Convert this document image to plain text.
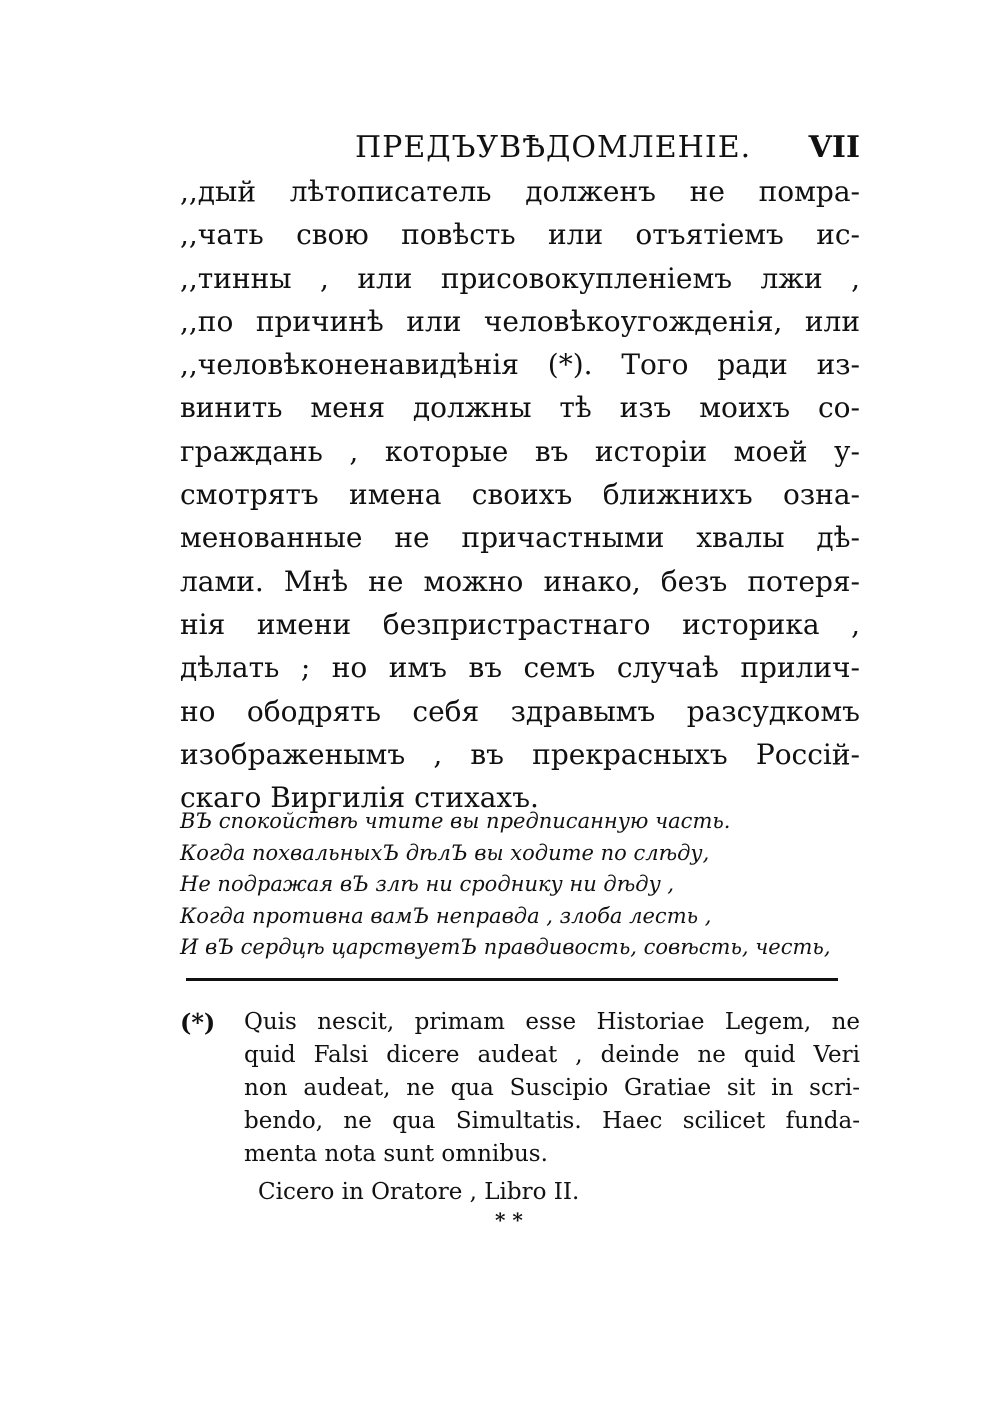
ПРЕДЪУВѢДОМЛЕНІЕ. VII
,,дый лѣтописатель долженъ не помра-
,,чать свою повѣсть или отъятіемъ ис-
,,тинны , или присовокупленіемъ лжи ,
,,по причинѣ или человѣкоугожденія, или
,,человѣконенавидѣнія (*). Того ради из-
винить меня должны тѣ изъ моихъ со-
граждань , которые въ исторіи моей у-
смотрятъ имена своихъ ближнихъ озна-
менованные не причастными хвалы дѣ-
лами. Мнѣ не можно инако, безъ потеря-
нія имени безпристрастнаго историка ,
дѣлать ; но имъ въ семъ случаѣ прилич-
но ободрять себя здравымъ разсудкомъ
изображенымъ , въ прекрасныхъ Россій-
скаго Виргилія стихахъ.
ВЪ спокойствѣ чтите вы предписанную часть.
Когда похвальныхЪ дѣлЪ вы ходите по слѣду,
Не подражая вЪ злѣ ни сроднику ни дѣду ,
Когда противна вамЪ неправда , злоба лесть ,
И вЪ сердцѣ царствуетЪ правдивость, совѣсть, честь,
(*) Quis nescit, primam esse Historiae Legem, ne
quid Falsi dicere audeat , deinde ne quid Veri
non audeat, ne qua Suscipio Gratiae sit in scri-
bendo, ne qua Simultatis. Haec scilicet funda-
menta nota sunt omnibus.
Cicero in Oratore , Libro II.
* *
